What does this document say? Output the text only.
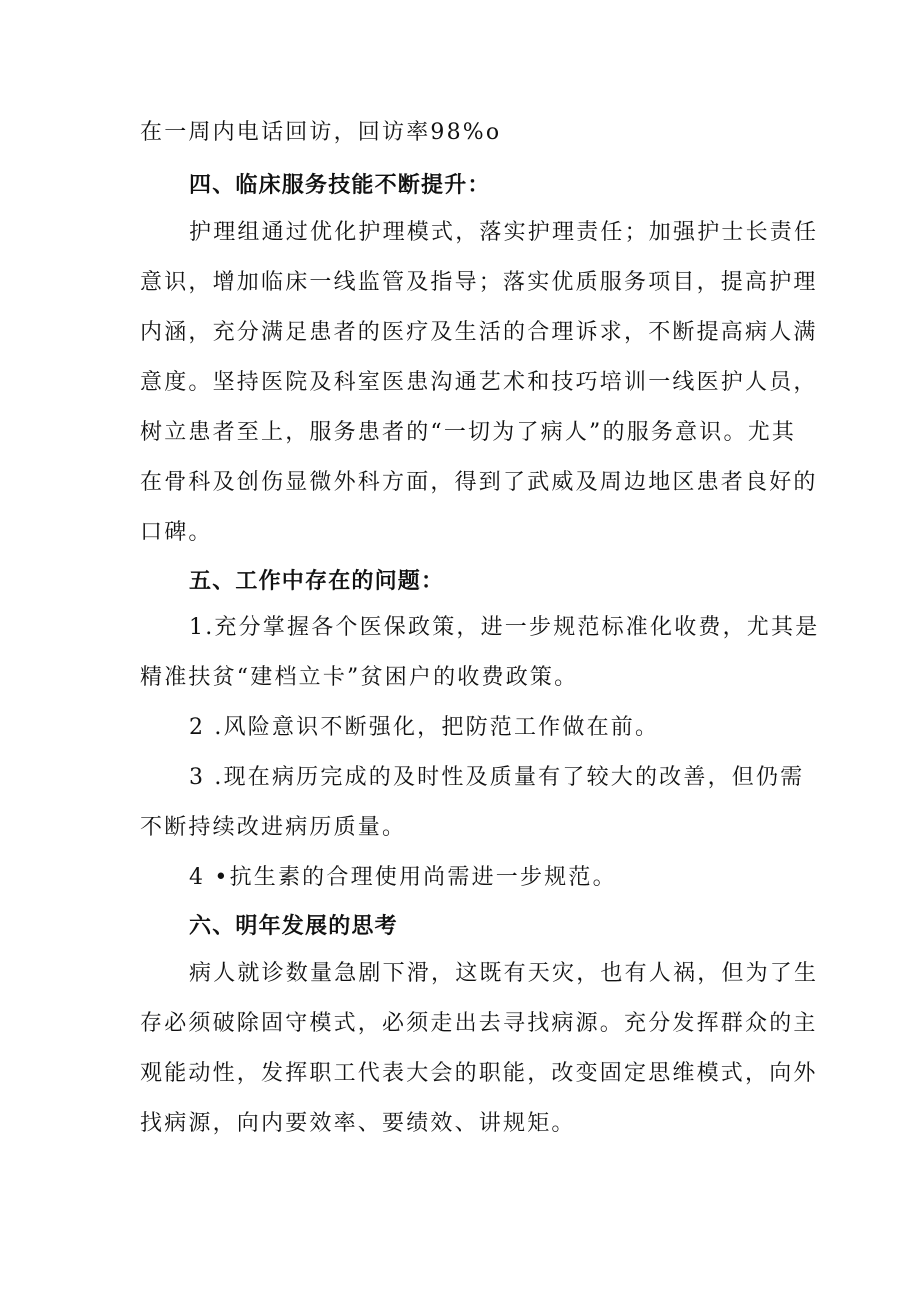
在一周内电话回访，回访率98%o
四、临床服务技能不断提升：
护理组通过优化护理模式，落实护理责任；加强护士长责任
意识，增加临床一线监管及指导；落实优质服务项目，提高护理
内涵，充分满足患者的医疗及生活的合理诉求，不断提高病人满
意度。坚持医院及科室医患沟通艺术和技巧培训一线医护人员，
树立患者至上，服务患者的“一切为了病人”的服务意识。尤其
在骨科及创伤显微外科方面，得到了武威及周边地区患者良好的
口碑。
五、工作中存在的问题：
1.充分掌握各个医保政策，进一步规范标准化收费，尤其是
精准扶贫“建档立卡”贫困户的收费政策。
2 .风险意识不断强化，把防范工作做在前。
3 .现在病历完成的及时性及质量有了较大的改善，但仍需
不断持续改进病历质量。
4 •抗生素的合理使用尚需进一步规范。
六、明年发展的思考
病人就诊数量急剧下滑，这既有天灾，也有人祸，但为了生
存必须破除固守模式，必须走出去寻找病源。充分发挥群众的主
观能动性，发挥职工代表大会的职能，改变固定思维模式，向外
找病源，向内要效率、要绩效、讲规矩。
